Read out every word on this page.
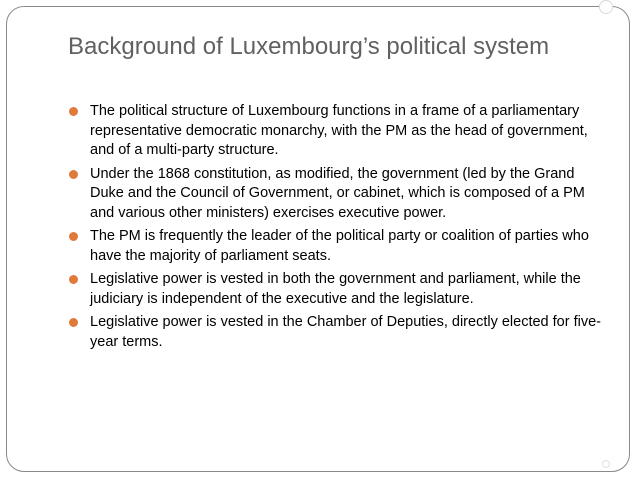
Background of Luxembourg’s political system
The political structure of Luxembourg functions in a frame of a parliamentary representative democratic monarchy, with the PM as the head of government, and of a multi-party structure.
Under the 1868 constitution, as modified, the government (led by the Grand Duke and the Council of Government, or cabinet, which is composed of a PM and various other ministers) exercises executive power.
The PM is frequently the leader of the political party or coalition of parties who have the majority of parliament seats.
Legislative power is vested in both the government and parliament, while the judiciary is independent of the executive and the legislature.
Legislative power is vested in the Chamber of Deputies, directly elected for five-year terms.
